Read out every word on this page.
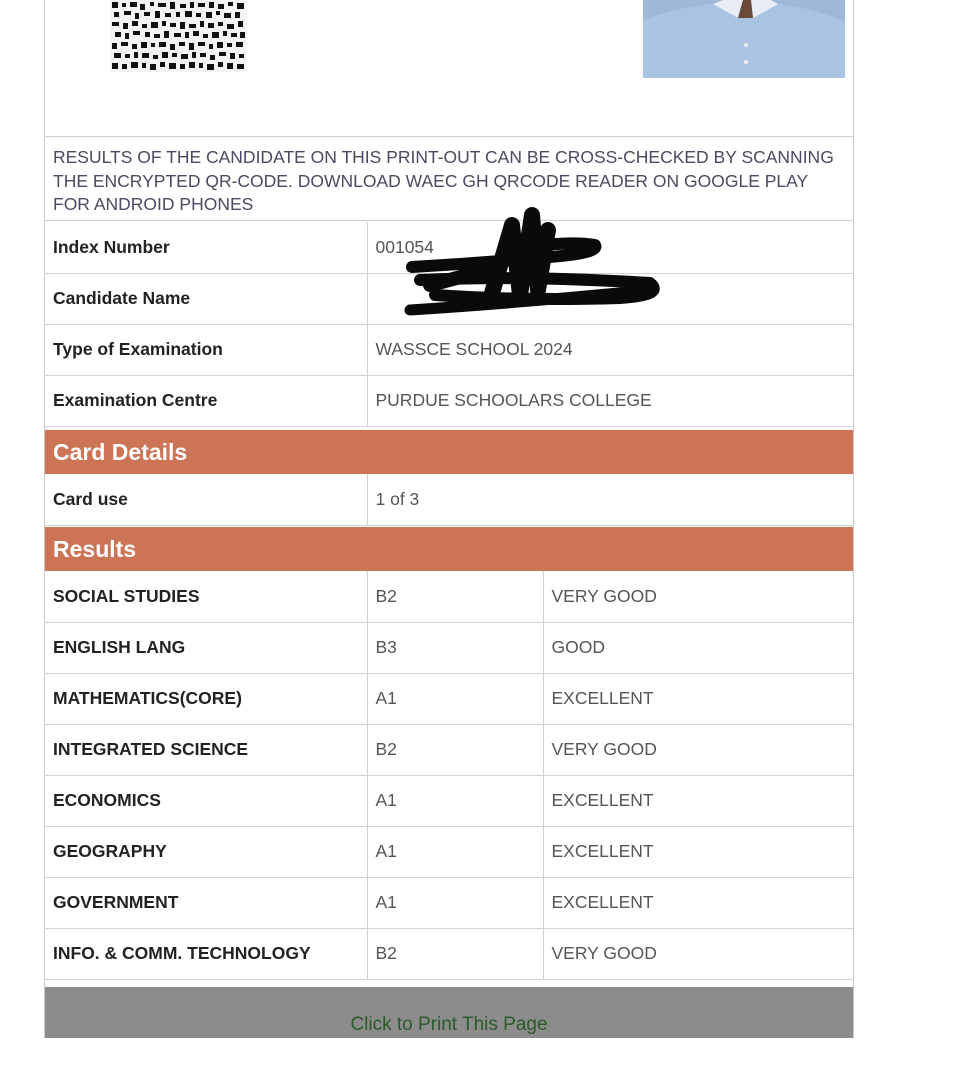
RESULTS OF THE CANDIDATE ON THIS PRINT-OUT CAN BE CROSS-CHECKED BY SCANNING THE ENCRYPTED QR-CODE. DOWNLOAD WAEC GH QRCODE READER ON GOOGLE PLAY FOR ANDROID PHONES
Index Number	001054
Candidate Name	
Type of Examination	WASSCE SCHOOL 2024
Examination Centre	PURDUE SCHOOLARS COLLEGE
Card Details
Card use	1 of 3
Results
SOCIAL STUDIES	B2	VERY GOOD
ENGLISH LANG	B3	GOOD
MATHEMATICS(CORE)	A1	EXCELLENT
INTEGRATED SCIENCE	B2	VERY GOOD
ECONOMICS	A1	EXCELLENT
GEOGRAPHY	A1	EXCELLENT
GOVERNMENT	A1	EXCELLENT
INFO. & COMM. TECHNOLOGY	B2	VERY GOOD
Click to Print This Page
